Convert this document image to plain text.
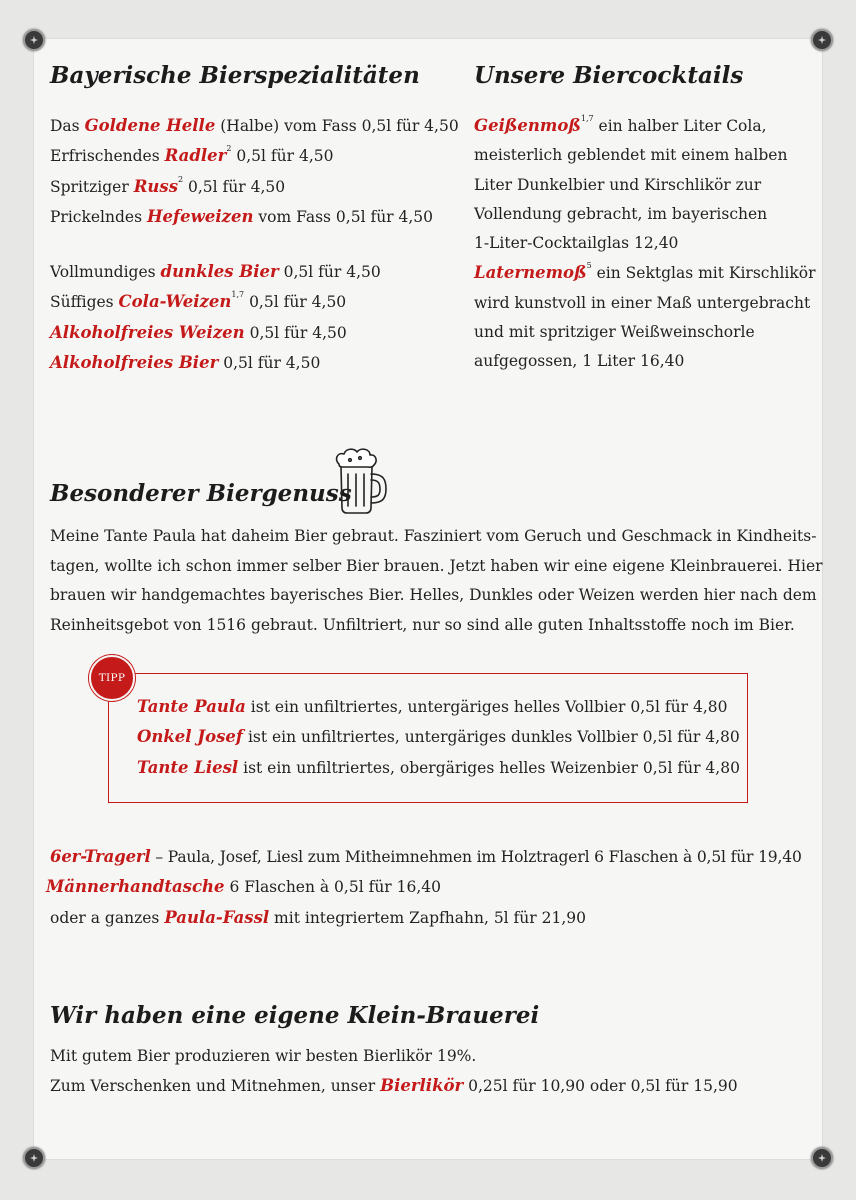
Bayerische Bierspezialitäten

Das Goldene Helle (Halbe) vom Fass 0,5l für 4,50

Erfrischendes Radler$^2$ 0,5l für 4,50

Spritziger Russ$^2$ 0,5l für 4,50

Prickelndes Hefeweizen vom Fass 0,5l für 4,50

Vollmundiges dunkles Bier 0,5l für 4,50

Süffiges Cola-Weizen$^{1,7}$ 0,5l für 4,50

Alkoholfreies Weizen 0,5l für 4,50

Alkoholfreies Bier 0,5l für 4,50

Unsere Biercocktails

Geißenmoß$^{1,7}$ ein halber Liter Cola,

meisterlich geblendet mit einem halben

Liter Dunkelbier und Kirschlikör zur

Vollendung gebracht, im bayerischen

1-Liter-Cocktailglas 12,40

Laternemoß$^5$ ein Sektglas mit Kirschlikör

wird kunstvoll in einer Maß untergebracht

und mit spritziger Weißweinschorle

aufgegossen, 1 Liter 16,40

Besonderer Biergenuss

Meine Tante Paula hat daheim Bier gebraut. Fasziniert vom Geruch und Geschmack in Kindheits-

tagen, wollte ich schon immer selber Bier brauen. Jetzt haben wir eine eigene Kleinbrauerei. Hier

brauen wir handgemachtes bayerisches Bier. Helles, Dunkles oder Weizen werden hier nach dem

Reinheitsgebot von 1516 gebraut. Unfiltriert, nur so sind alle guten Inhaltsstoffe noch im Bier.

TIPP

Tante Paula ist ein unfiltriertes, untergäriges helles Vollbier 0,5l für 4,80

Onkel Josef ist ein unfiltriertes, untergäriges dunkles Vollbier 0,5l für 4,80

Tante Liesl ist ein unfiltriertes, obergäriges helles Weizenbier 0,5l für 4,80

6er-Tragerl – Paula, Josef, Liesl zum Mitheimnehmen im Holztragerl 6 Flaschen à 0,5l für 19,40

Männerhandtasche 6 Flaschen à 0,5l für 16,40

oder a ganzes Paula-Fassl mit integriertem Zapfhahn, 5l für 21,90

Wir haben eine eigene Klein-Brauerei

Mit gutem Bier produzieren wir besten Bierlikör 19%.

Zum Verschenken und Mitnehmen, unser Bierlikör 0,25l für 10,90 oder 0,5l für 15,90
